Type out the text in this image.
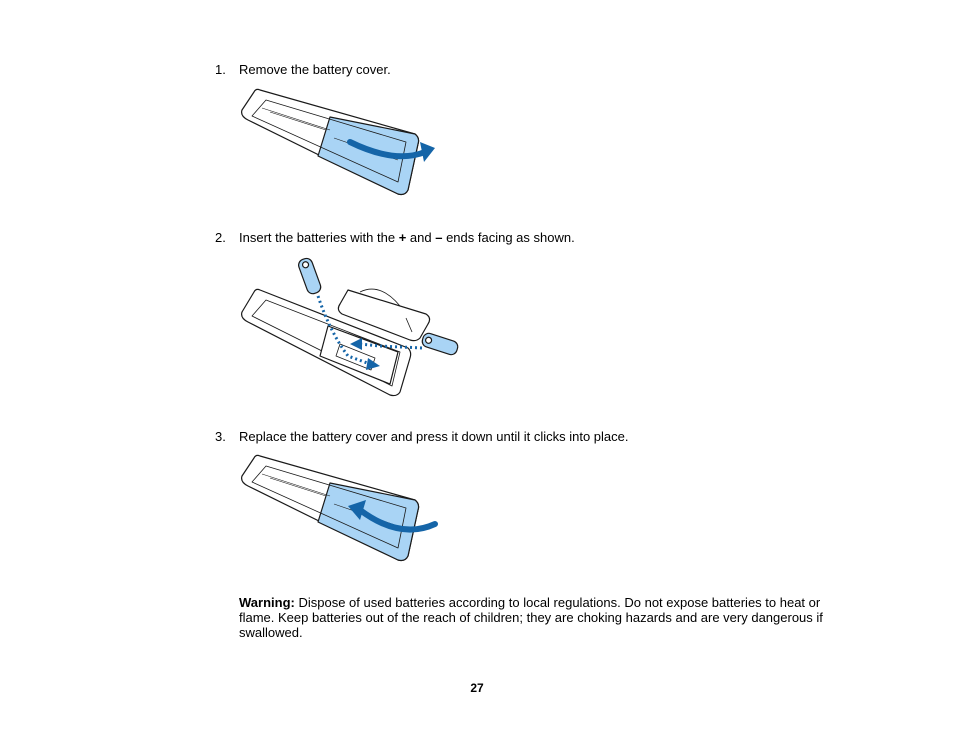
1. Remove the battery cover.
2. Insert the batteries with the + and – ends facing as shown.
3. Replace the battery cover and press it down until it clicks into place.
Warning: Dispose of used batteries according to local regulations. Do not expose batteries to heat or flame. Keep batteries out of the reach of children; they are choking hazards and are very dangerous if swallowed.
27
